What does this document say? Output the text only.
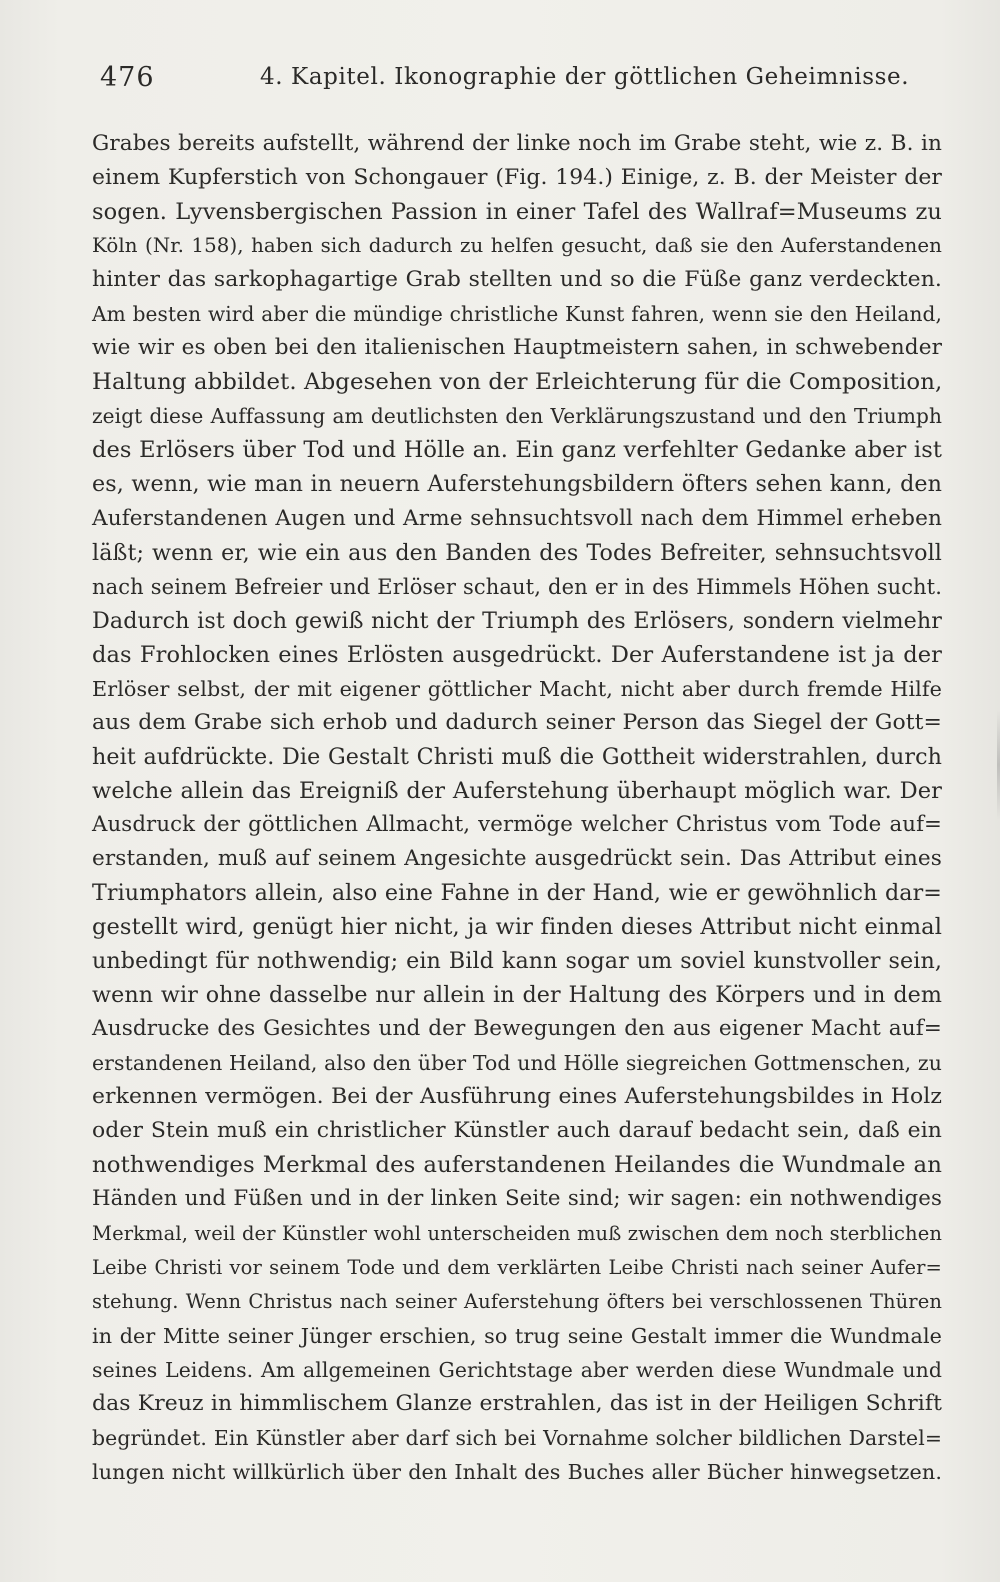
476	4. Kapitel. Ikonographie der göttlichen Geheimnisse.
Grabes bereits aufstellt, während der linke noch im Grabe steht, wie z. B. in
einem Kupferstich von Schongauer (Fig. 194.) Einige, z. B. der Meister der
sogen. Lyvensbergischen Passion in einer Tafel des Wallraf=Museums zu
Köln (Nr. 158), haben sich dadurch zu helfen gesucht, daß sie den Auferstandenen
hinter das sarkophagartige Grab stellten und so die Füße ganz verdeckten.
Am besten wird aber die mündige christliche Kunst fahren, wenn sie den Heiland,
wie wir es oben bei den italienischen Hauptmeistern sahen, in schwebender
Haltung abbildet. Abgesehen von der Erleichterung für die Composition,
zeigt diese Auffassung am deutlichsten den Verklärungszustand und den Triumph
des Erlösers über Tod und Hölle an. Ein ganz verfehlter Gedanke aber ist
es, wenn, wie man in neuern Auferstehungsbildern öfters sehen kann, den
Auferstandenen Augen und Arme sehnsuchtsvoll nach dem Himmel erheben
läßt; wenn er, wie ein aus den Banden des Todes Befreiter, sehnsuchtsvoll
nach seinem Befreier und Erlöser schaut, den er in des Himmels Höhen sucht.
Dadurch ist doch gewiß nicht der Triumph des Erlösers, sondern vielmehr
das Frohlocken eines Erlösten ausgedrückt. Der Auferstandene ist ja der
Erlöser selbst, der mit eigener göttlicher Macht, nicht aber durch fremde Hilfe
aus dem Grabe sich erhob und dadurch seiner Person das Siegel der Gott=
heit aufdrückte. Die Gestalt Christi muß die Gottheit widerstrahlen, durch
welche allein das Ereigniß der Auferstehung überhaupt möglich war. Der
Ausdruck der göttlichen Allmacht, vermöge welcher Christus vom Tode auf=
erstanden, muß auf seinem Angesichte ausgedrückt sein. Das Attribut eines
Triumphators allein, also eine Fahne in der Hand, wie er gewöhnlich dar=
gestellt wird, genügt hier nicht, ja wir finden dieses Attribut nicht einmal
unbedingt für nothwendig; ein Bild kann sogar um soviel kunstvoller sein,
wenn wir ohne dasselbe nur allein in der Haltung des Körpers und in dem
Ausdrucke des Gesichtes und der Bewegungen den aus eigener Macht auf=
erstandenen Heiland, also den über Tod und Hölle siegreichen Gottmenschen, zu
erkennen vermögen. Bei der Ausführung eines Auferstehungsbildes in Holz
oder Stein muß ein christlicher Künstler auch darauf bedacht sein, daß ein
nothwendiges Merkmal des auferstandenen Heilandes die Wundmale an
Händen und Füßen und in der linken Seite sind; wir sagen: ein nothwendiges
Merkmal, weil der Künstler wohl unterscheiden muß zwischen dem noch sterblichen
Leibe Christi vor seinem Tode und dem verklärten Leibe Christi nach seiner Aufer=
stehung. Wenn Christus nach seiner Auferstehung öfters bei verschlossenen Thüren
in der Mitte seiner Jünger erschien, so trug seine Gestalt immer die Wundmale
seines Leidens. Am allgemeinen Gerichtstage aber werden diese Wundmale und
das Kreuz in himmlischem Glanze erstrahlen, das ist in der Heiligen Schrift
begründet. Ein Künstler aber darf sich bei Vornahme solcher bildlichen Darstel=
lungen nicht willkürlich über den Inhalt des Buches aller Bücher hinwegsetzen.
